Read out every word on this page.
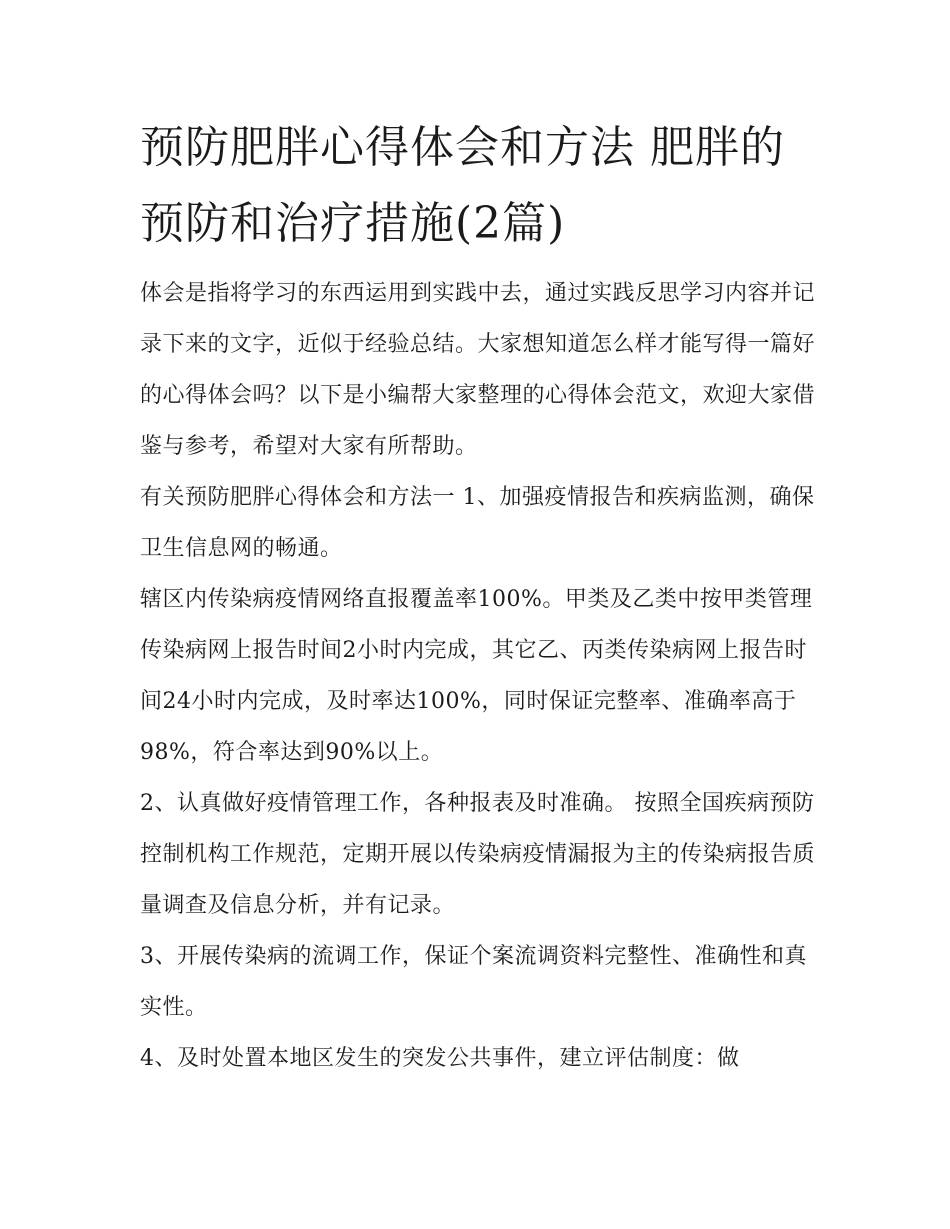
预防肥胖心得体会和方法 肥胖的预防和治疗措施(2篇)

体会是指将学习的东西运用到实践中去，通过实践反思学习内容并记录下来的文字，近似于经验总结。大家想知道怎么样才能写得一篇好的心得体会吗？以下是小编帮大家整理的心得体会范文，欢迎大家借鉴与参考，希望对大家有所帮助。

有关预防肥胖心得体会和方法一 1、加强疫情报告和疾病监测，确保卫生信息网的畅通。

辖区内传染病疫情网络直报覆盖率100%。甲类及乙类中按甲类管理传染病网上报告时间2小时内完成，其它乙、丙类传染病网上报告时间24小时内完成，及时率达100%，同时保证完整率、准确率高于98%，符合率达到90%以上。

2、认真做好疫情管理工作，各种报表及时准确。 按照全国疾病预防控制机构工作规范，定期开展以传染病疫情漏报为主的传染病报告质量调查及信息分析，并有记录。

3、开展传染病的流调工作，保证个案流调资料完整性、准确性和真实性。

4、及时处置本地区发生的突发公共事件，建立评估制度：做
